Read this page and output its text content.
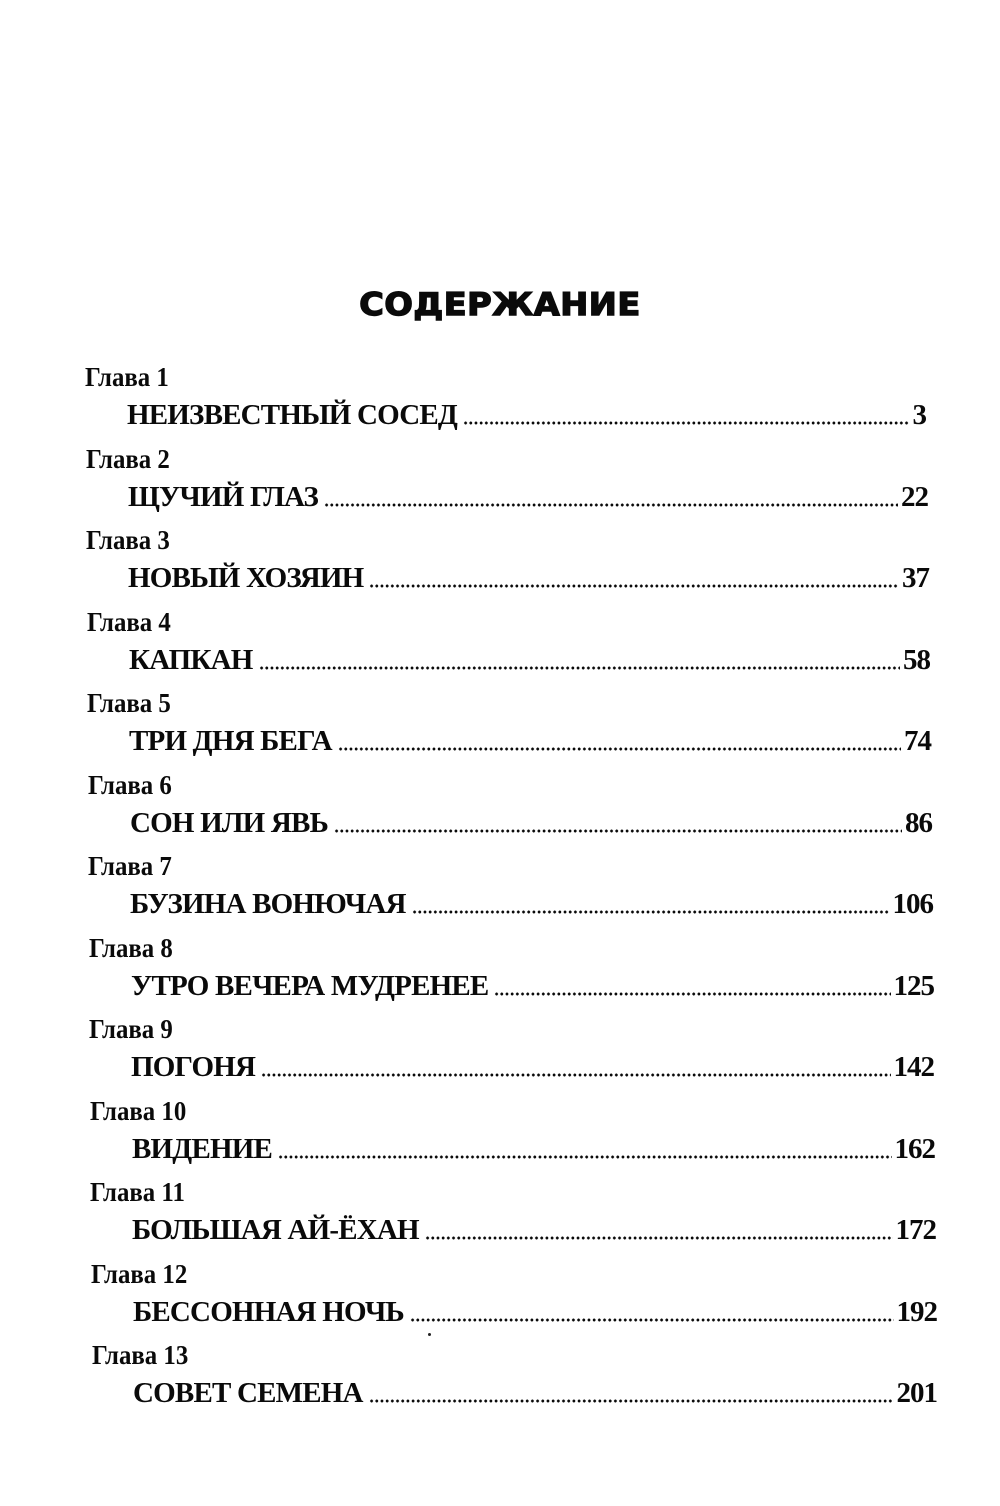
СОДЕРЖАНИЕ
Глава 1
НЕИЗВЕСТНЫЙ СОСЕД	3
Глава 2
ЩУЧИЙ ГЛАЗ	22
Глава 3
НОВЫЙ ХОЗЯИН	37
Глава 4
КАПКАН	58
Глава 5
ТРИ ДНЯ БЕГА	74
Глава 6
СОН ИЛИ ЯВЬ	86
Глава 7
БУЗИНА ВОНЮЧАЯ	106
Глава 8
УТРО ВЕЧЕРА МУДРЕНЕЕ	125
Глава 9
ПОГОНЯ	142
Глава 10
ВИДЕНИЕ	162
Глава 11
БОЛЬШАЯ АЙ-ЁХАН	172
Глава 12
БЕССОННАЯ НОЧЬ	192
Глава 13
СОВЕТ СЕМЕНА	201
